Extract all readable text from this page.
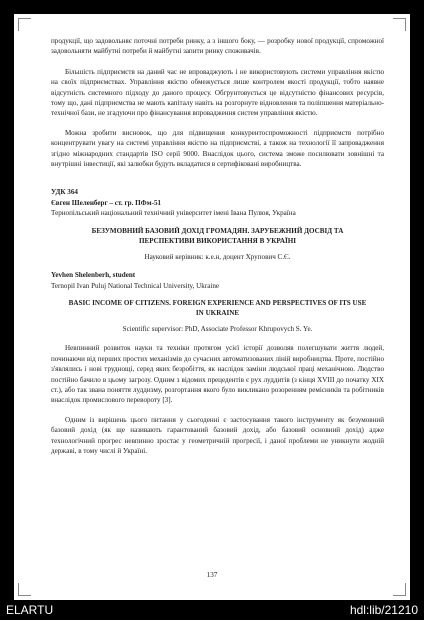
продукції, що задовольняє поточні потреби ринку, а з іншого боку, — розробку нової продукції, спроможної задовольняти майбутні потреби й майбутні запити ринку споживачів.

Більшість підприємств на даний час не впроваджують і не використовують системи управління якістю на своїх підприємствах. Управління якістю обмежується лише контролем якості продукції, тобто наявне відсутність системного підходу до даного процесу. Обгрунтовується це відсутністю фінансових ресурсів, тому що, дані підприємства не мають капіталу навіть на розгорнуте відновлення та поліпшення матеріально-технічної бази, не згадуючи про фінансування впровадження систем управління якістю.

Можна зробити висновок, що для підвищення конкурентоспроможності підприємств потрібно концентрувати увагу на системі управління якістю на підприємстві, а також на технології її запровадження згідно міжнародних стандартів ISO серії 9000. Внаслідок цього, система зможе посилювати зовнішні та внутрішні інвестиції, які залюбки будуть вкладатися в сертифіковані виробництва.

УДК 364

Євген Шеленберг – ст. гр. ПФм-51

Тернопільський національний технічний університет імені Івана Пулюя, Україна

БЕЗУМОВНИЙ БАЗОВИЙ ДОХІД ГРОМАДЯН. ЗАРУБЕЖНИЙ ДОСВІД ТА ПЕРСПЕКТИВИ ВИКОРИСТАННЯ В УКРАЇНІ

Науковий керівник: к.е.н, доцент Хрупович С.Є.

Yevhen Shelenberh, student

Ternopil Ivan Puluj National Technical University, Ukraine

BASIC INCOME OF CITIZENS. FOREIGN EXPERIENCE AND PERSPECTIVES OF ITS USE IN UKRAINE

Scientific supervisor: PhD, Associate Professor Khrupovych S. Ye.

Невпинний розвиток науки та техніки протягом усієї історії дозволяв полегшувати життя людей, починаючи від перших простих механізмів до сучасних автоматизованих ліній виробництва. Проте, постійно з'являлись і нові труднощі, серед яких безробіття, як наслідок заміни людської праці механічною. Людство постійно бачило в цьому загрозу. Одним з відомих прецедентів є рух луддитів (з кінця XVIII до початку XIX ст.), або так звана поняття луддизму, розгортання якого було викликано розоренням ремісників та робітників внаслідок промислового перевороту [3].

Одним із вирішень цього питання у сьогоденні є застосування такого інструменту як безумовний базовий дохід (як ще називають гарантований базовий дохід, або базовий основний дохід) адже технологічний прогрес невпинно зростає у геометричній прогресії, і даної проблеми не уникнути жодній державі, в тому числі й Україні.

137
ELARTU	hdl:lib/21210
